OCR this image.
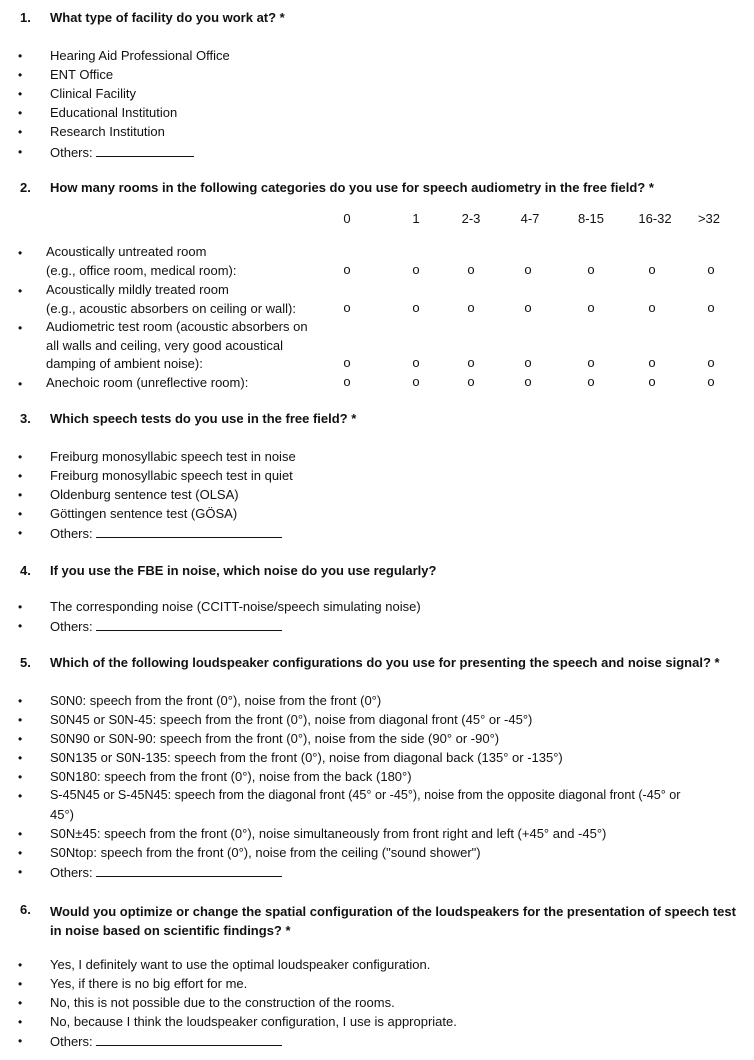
1. What type of facility do you work at? *
• Hearing Aid Professional Office
• ENT Office
• Clinical Facility
• Educational Institution
• Research Institution
• Others:
2. How many rooms in the following categories do you use for speech audiometry in the free field? *
0	1	2-3	4-7	8-15	16-32	>32
• Acoustically untreated room
(e.g., office room, medical room):	o	o	o	o	o	o	o
• Acoustically mildly treated room
(e.g., acoustic absorbers on ceiling or wall):	o	o	o	o	o	o	o
• Audiometric test room (acoustic absorbers on
all walls and ceiling, very good acoustical
damping of ambient noise):	o	o	o	o	o	o	o
• Anechoic room (unreflective room):	o	o	o	o	o	o	o
3. Which speech tests do you use in the free field? *
• Freiburg monosyllabic speech test in noise
• Freiburg monosyllabic speech test in quiet
• Oldenburg sentence test (OLSA)
• Göttingen sentence test (GÖSA)
• Others:
4. If you use the FBE in noise, which noise do you use regularly?
• The corresponding noise (CCITT-noise/speech simulating noise)
• Others:
5. Which of the following loudspeaker configurations do you use for presenting the speech and noise signal? *
• S0N0: speech from the front (0°), noise from the front (0°)
• S0N45 or S0N-45: speech from the front (0°), noise from diagonal front (45° or -45°)
• S0N90 or S0N-90: speech from the front (0°), noise from the side (90° or -90°)
• S0N135 or S0N-135: speech from the front (0°), noise from diagonal back (135° or -135°)
• S0N180: speech from the front (0°), noise from the back (180°)
• S-45N45 or S-45N45: speech from the diagonal front (45° or -45°), noise from the opposite diagonal front (-45° or
45°)
• S0N±45: speech from the front (0°), noise simultaneously from front right and left (+45° and -45°)
• S0Ntop: speech from the front (0°), noise from the ceiling ("sound shower")
• Others:
6. Would you optimize or change the spatial configuration of the loudspeakers for the presentation of speech test
in noise based on scientific findings? *
• Yes, I definitely want to use the optimal loudspeaker configuration.
• Yes, if there is no big effort for me.
• No, this is not possible due to the construction of the rooms.
• No, because I think the loudspeaker configuration, I use is appropriate.
• Others:
